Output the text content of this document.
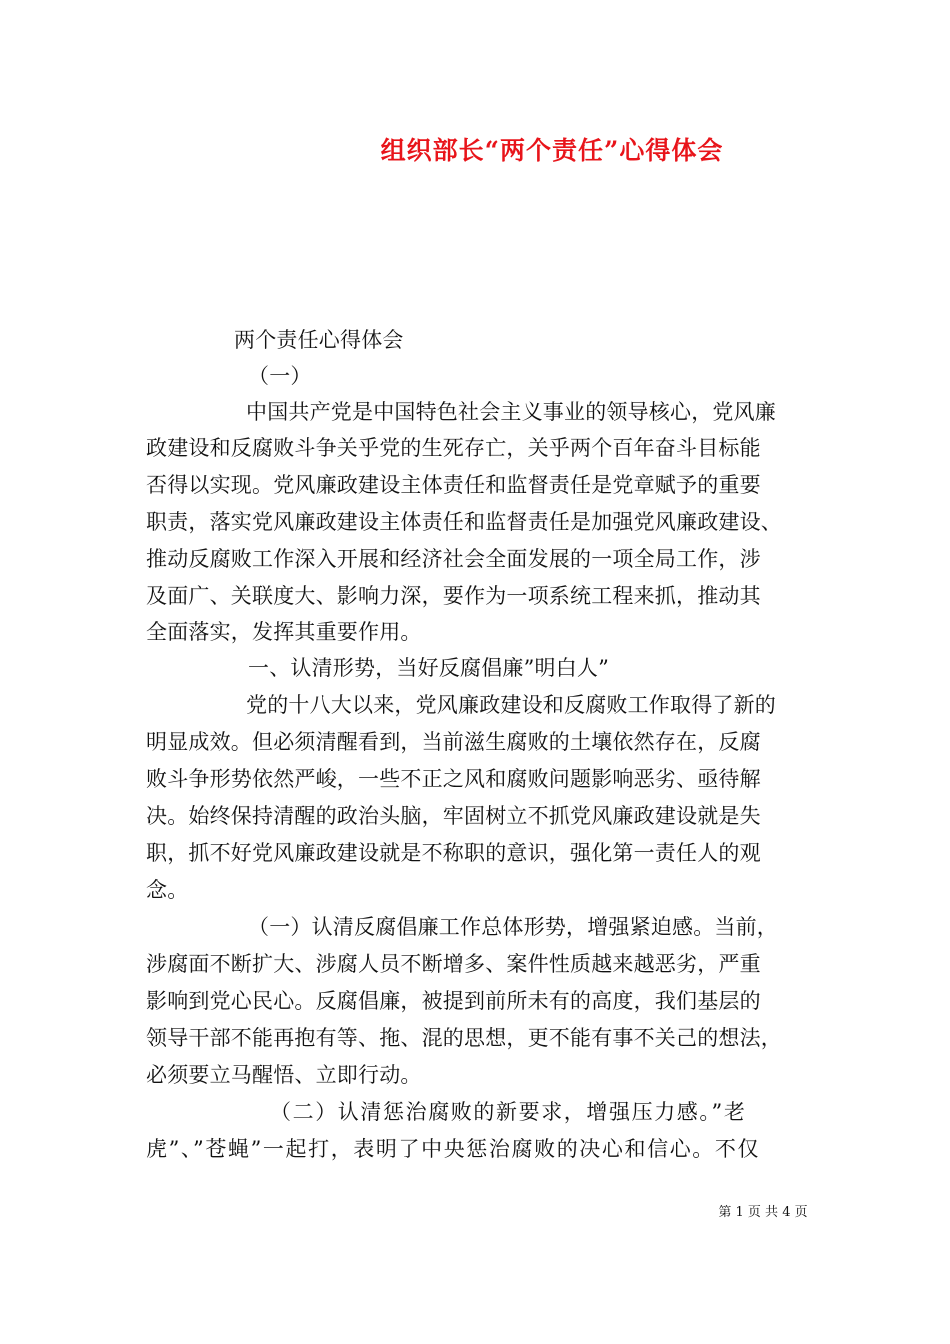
组织部长“两个责任”心得体会
两个责任心得体会
（一）
中国共产党是中国特色社会主义事业的领导核心，党风廉
政建设和反腐败斗争关乎党的生死存亡，关乎两个百年奋斗目标能
否得以实现。党风廉政建设主体责任和监督责任是党章赋予的重要
职责，落实党风廉政建设主体责任和监督责任是加强党风廉政建设、
推动反腐败工作深入开展和经济社会全面发展的一项全局工作，涉
及面广、关联度大、影响力深，要作为一项系统工程来抓，推动其
全面落实，发挥其重要作用。
一、认清形势，当好反腐倡廉”明白人”
党的十八大以来，党风廉政建设和反腐败工作取得了新的
明显成效。但必须清醒看到，当前滋生腐败的土壤依然存在，反腐
败斗争形势依然严峻，一些不正之风和腐败问题影响恶劣、亟待解
决。始终保持清醒的政治头脑，牢固树立不抓党风廉政建设就是失
职，抓不好党风廉政建设就是不称职的意识，强化第一责任人的观
念。
（一）认清反腐倡廉工作总体形势，增强紧迫感。当前，
涉腐面不断扩大、涉腐人员不断增多、案件性质越来越恶劣，严重
影响到党心民心。反腐倡廉，被提到前所未有的高度，我们基层的
领导干部不能再抱有等、拖、混的思想，更不能有事不关己的想法，
必须要立马醒悟、立即行动。
（二）认清惩治腐败的新要求，增强压力感。”老
虎”、”苍蝇”一起打，表明了中央惩治腐败的决心和信心。不仅
第 1 页 共 4 页
